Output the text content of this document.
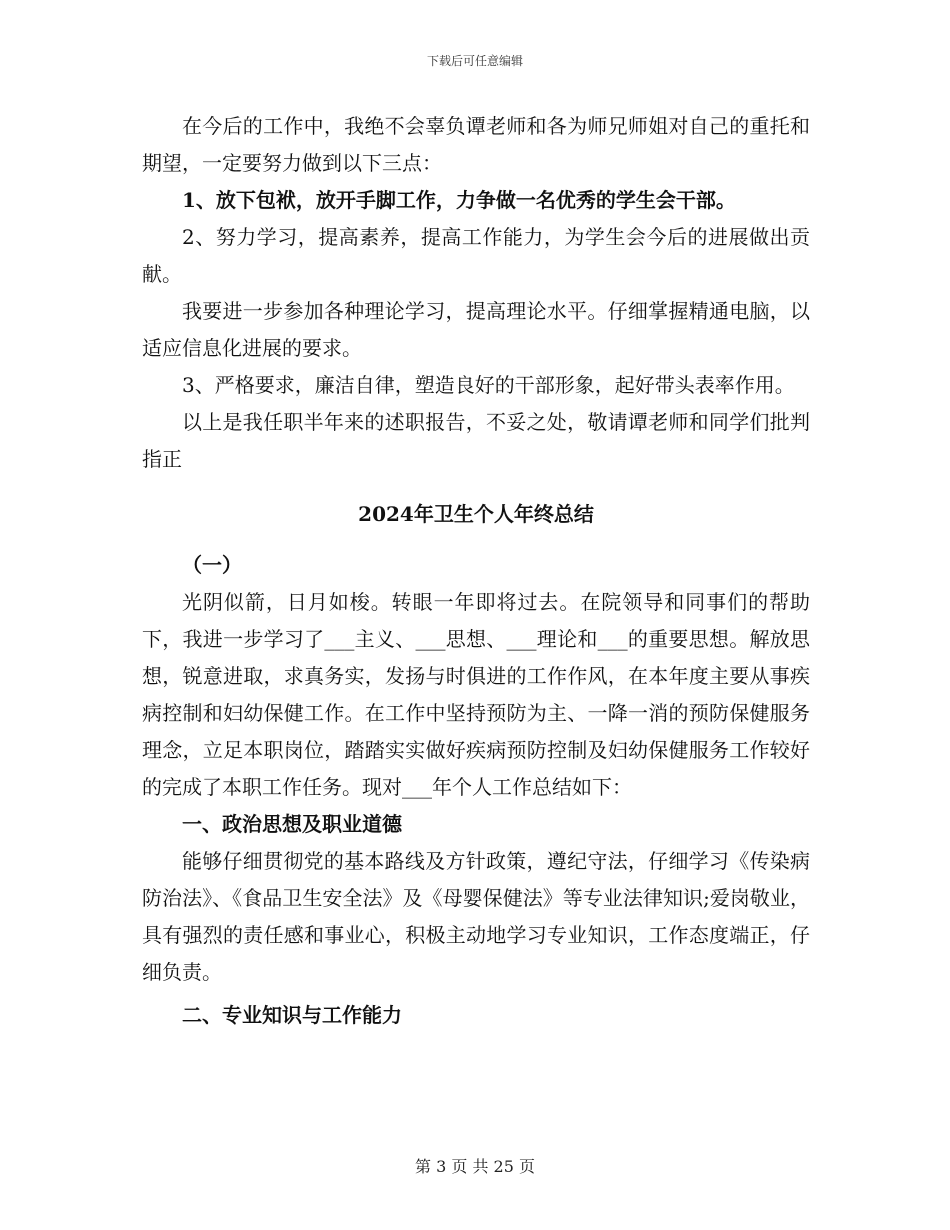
下载后可任意编辑

在今后的工作中，我绝不会辜负谭老师和各为师兄师姐对自己的重托和期望，一定要努力做到以下三点：

1、放下包袱，放开手脚工作，力争做一名优秀的学生会干部。

2、努力学习，提高素养，提高工作能力，为学生会今后的进展做出贡献。

我要进一步参加各种理论学习，提高理论水平。仔细掌握精通电脑，以适应信息化进展的要求。

3、严格要求，廉洁自律，塑造良好的干部形象，起好带头表率作用。

以上是我任职半年来的述职报告，不妥之处，敬请谭老师和同学们批判指正

2024年卫生个人年终总结

（一）

光阴似箭，日月如梭。转眼一年即将过去。在院领导和同事们的帮助下，我进一步学习了___主义、___思想、___理论和___的重要思想。解放思想，锐意进取，求真务实，发扬与时俱进的工作作风，在本年度主要从事疾病控制和妇幼保健工作。在工作中坚持预防为主、一降一消的预防保健服务理念，立足本职岗位，踏踏实实做好疾病预防控制及妇幼保健服务工作较好的完成了本职工作任务。现对___年个人工作总结如下：

一、政治思想及职业道德

能够仔细贯彻党的基本路线及方针政策，遵纪守法，仔细学习《传染病防治法》、《食品卫生安全法》及《母婴保健法》等专业法律知识;爱岗敬业，具有强烈的责任感和事业心，积极主动地学习专业知识，工作态度端正，仔细负责。

二、专业知识与工作能力

第 3 页 共 25 页
